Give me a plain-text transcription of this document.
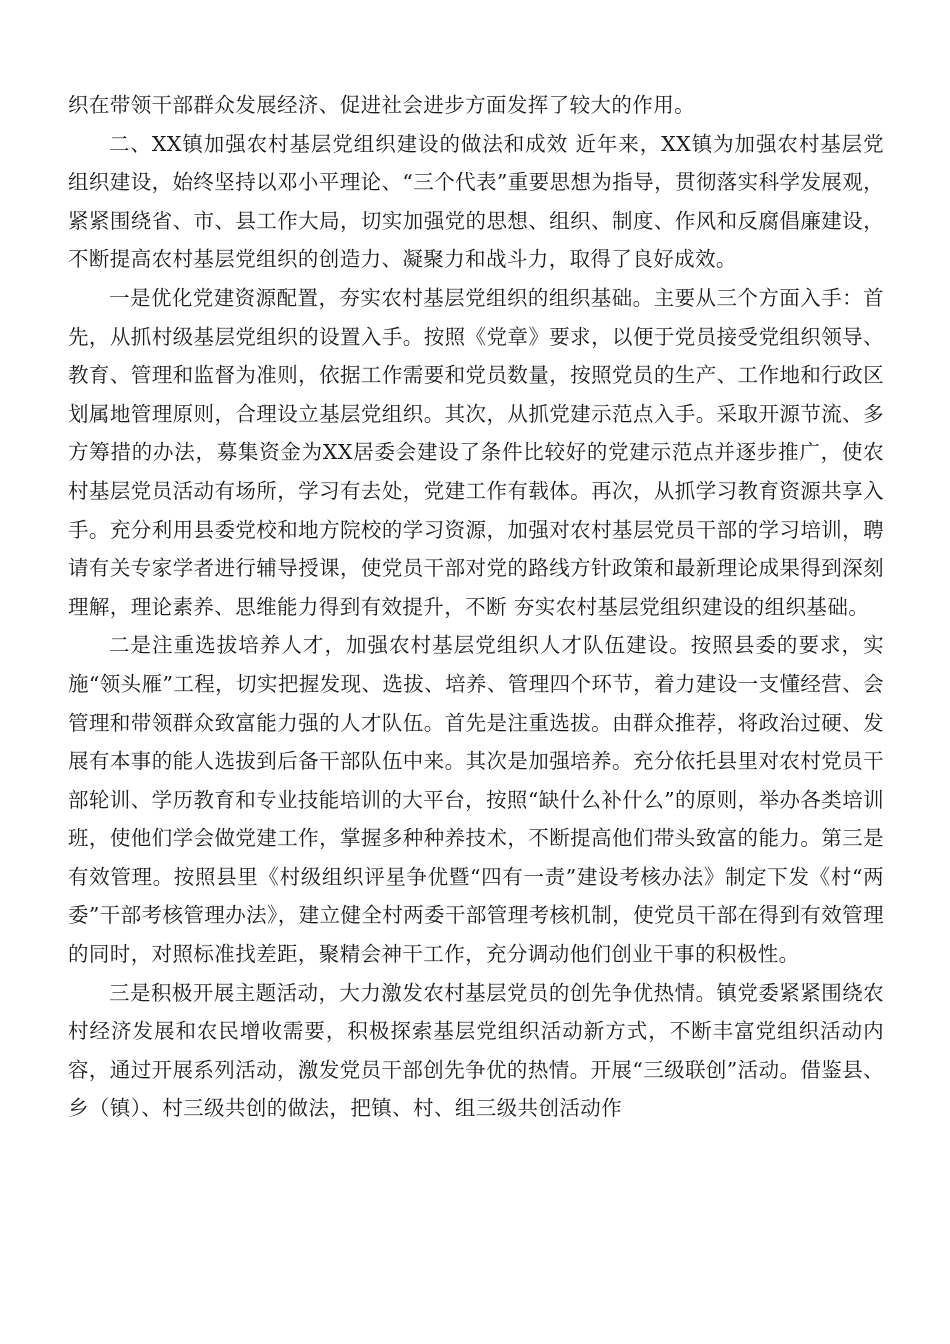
织在带领干部群众发展经济、促进社会进步方面发挥了较大的作用。

二、XX镇加强农村基层党组织建设的做法和成效 近年来，XX镇为加强农村基层党组织建设，始终坚持以邓小平理论、“三个代表”重要思想为指导，贯彻落实科学发展观，紧紧围绕省、市、县工作大局，切实加强党的思想、组织、制度、作风和反腐倡廉建设，不断提高农村基层党组织的创造力、凝聚力和战斗力，取得了良好成效。

一是优化党建资源配置，夯实农村基层党组织的组织基础。主要从三个方面入手：首先，从抓村级基层党组织的设置入手。按照《党章》要求，以便于党员接受党组织领导、教育、管理和监督为准则，依据工作需要和党员数量，按照党员的生产、工作地和行政区划属地管理原则，合理设立基层党组织。其次，从抓党建示范点入手。采取开源节流、多方筹措的办法，募集资金为XX居委会建设了条件比较好的党建示范点并逐步推广，使农村基层党员活动有场所，学习有去处，党建工作有载体。再次，从抓学习教育资源共享入手。充分利用县委党校和地方院校的学习资源，加强对农村基层党员干部的学习培训，聘请有关专家学者进行辅导授课，使党员干部对党的路线方针政策和最新理论成果得到深刻理解，理论素养、思维能力得到有效提升，不断 夯实农村基层党组织建设的组织基础。

二是注重选拔培养人才，加强农村基层党组织人才队伍建设。按照县委的要求，实施“领头雁”工程，切实把握发现、选拔、培养、管理四个环节，着力建设一支懂经营、会管理和带领群众致富能力强的人才队伍。首先是注重选拔。由群众推荐，将政治过硬、发展有本事的能人选拔到后备干部队伍中来。其次是加强培养。充分依托县里对农村党员干部轮训、学历教育和专业技能培训的大平台，按照“缺什么补什么”的原则，举办各类培训班，使他们学会做党建工作，掌握多种种养技术，不断提高他们带头致富的能力。第三是有效管理。按照县里《村级组织评星争优暨“四有一责”建设考核办法》制定下发《村“两委”干部考核管理办法》，建立健全村两委干部管理考核机制，使党员干部在得到有效管理的同时，对照标准找差距，聚精会神干工作，充分调动他们创业干事的积极性。

三是积极开展主题活动，大力激发农村基层党员的创先争优热情。镇党委紧紧围绕农村经济发展和农民增收需要，积极探索基层党组织活动新方式，不断丰富党组织活动内容，通过开展系列活动，激发党员干部创先争优的热情。开展“三级联创”活动。借鉴县、乡（镇）、村三级共创的做法，把镇、村、组三级共创活动作
